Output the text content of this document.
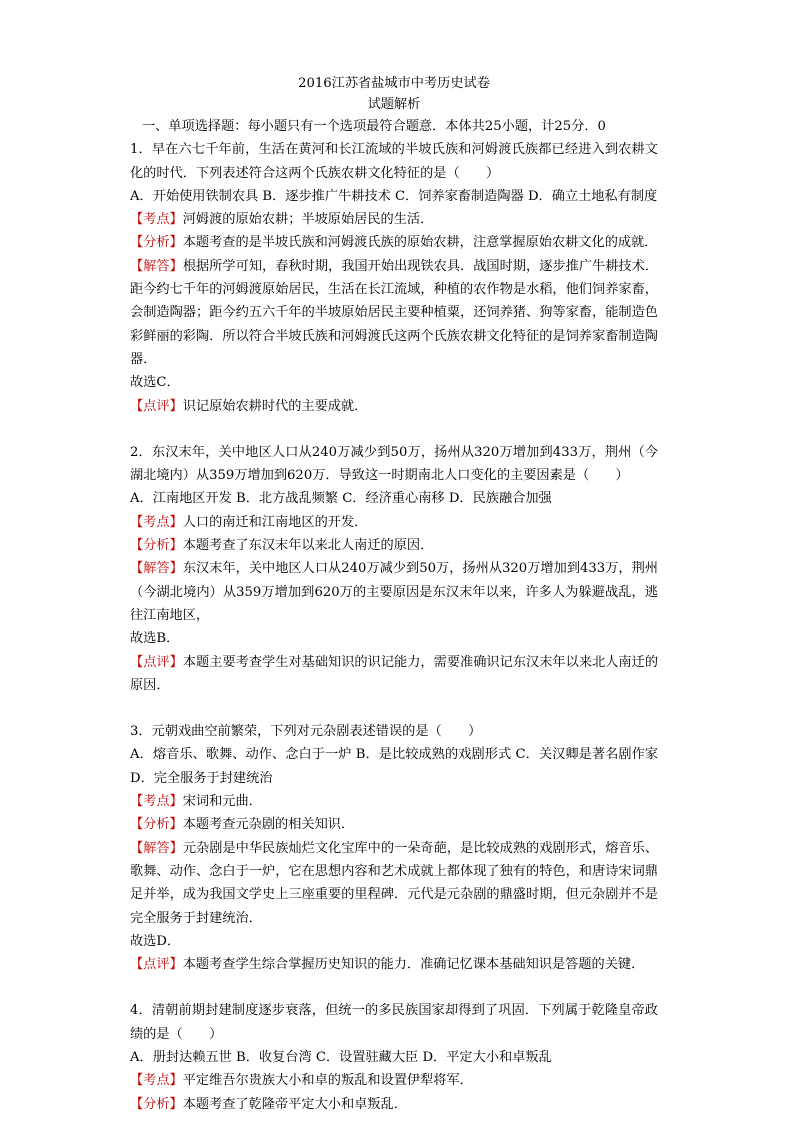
2016江苏省盐城市中考历史试卷

试题解析

一、单项选择题：每小题只有一个选项最符合题意．本体共25小题，计25分．0

1．早在六七千年前，生活在黄河和长江流域的半坡氏族和河姆渡氏族都已经进入到农耕文化的时代．下列表述符合这两个氏族农耕文化特征的是（　　）

A．开始使用铁制农具 B．逐步推广牛耕技术 C．饲养家畜制造陶器 D．确立土地私有制度

【考点】河姆渡的原始农耕；半坡原始居民的生活．

【分析】本题考查的是半坡氏族和河姆渡氏族的原始农耕，注意掌握原始农耕文化的成就．

【解答】根据所学可知，春秋时期，我国开始出现铁农具．战国时期，逐步推广牛耕技术．距今约七千年的河姆渡原始居民，生活在长江流域，种植的农作物是水稻，他们饲养家畜，会制造陶器；距今约五六千年的半坡原始居民主要种植粟，还饲养猪、狗等家畜，能制造色彩鲜丽的彩陶．所以符合半坡氏族和河姆渡氏这两个氏族农耕文化特征的是饲养家畜制造陶器．

故选C．

【点评】识记原始农耕时代的主要成就．

2．东汉末年，关中地区人口从240万减少到50万，扬州从320万增加到433万，荆州（今湖北境内）从359万增加到620万．导致这一时期南北人口变化的主要因素是（　　）

A．江南地区开发 B．北方战乱频繁 C．经济重心南移 D．民族融合加强

【考点】人口的南迁和江南地区的开发．

【分析】本题考查了东汉末年以来北人南迁的原因．

【解答】东汉末年，关中地区人口从240万减少到50万，扬州从320万增加到433万，荆州（今湖北境内）从359万增加到620万的主要原因是东汉末年以来，许多人为躲避战乱，逃往江南地区，

故选B．

【点评】本题主要考查学生对基础知识的识记能力，需要准确识记东汉末年以来北人南迁的原因．

3．元朝戏曲空前繁荣，下列对元杂剧表述错误的是（　　）

A．熔音乐、歌舞、动作、念白于一炉 B．是比较成熟的戏剧形式 C．关汉卿是著名剧作家 D．完全服务于封建统治

【考点】宋词和元曲．

【分析】本题考查元杂剧的相关知识．

【解答】元杂剧是中华民族灿烂文化宝库中的一朵奇葩，是比较成熟的戏剧形式，熔音乐、歌舞、动作、念白于一炉，它在思想内容和艺术成就上都体现了独有的特色，和唐诗宋词鼎足并举，成为我国文学史上三座重要的里程碑．元代是元杂剧的鼎盛时期，但元杂剧并不是完全服务于封建统治．

故选D．

【点评】本题考查学生综合掌握历史知识的能力．准确记忆课本基础知识是答题的关键．

4．清朝前期封建制度逐步衰落，但统一的多民族国家却得到了巩固．下列属于乾隆皇帝政绩的是（　　）

A．册封达赖五世 B．收复台湾 C．设置驻藏大臣 D．平定大小和卓叛乱

【考点】平定维吾尔贵族大小和卓的叛乱和设置伊犁将军．

【分析】本题考查了乾隆帝平定大小和卓叛乱．
